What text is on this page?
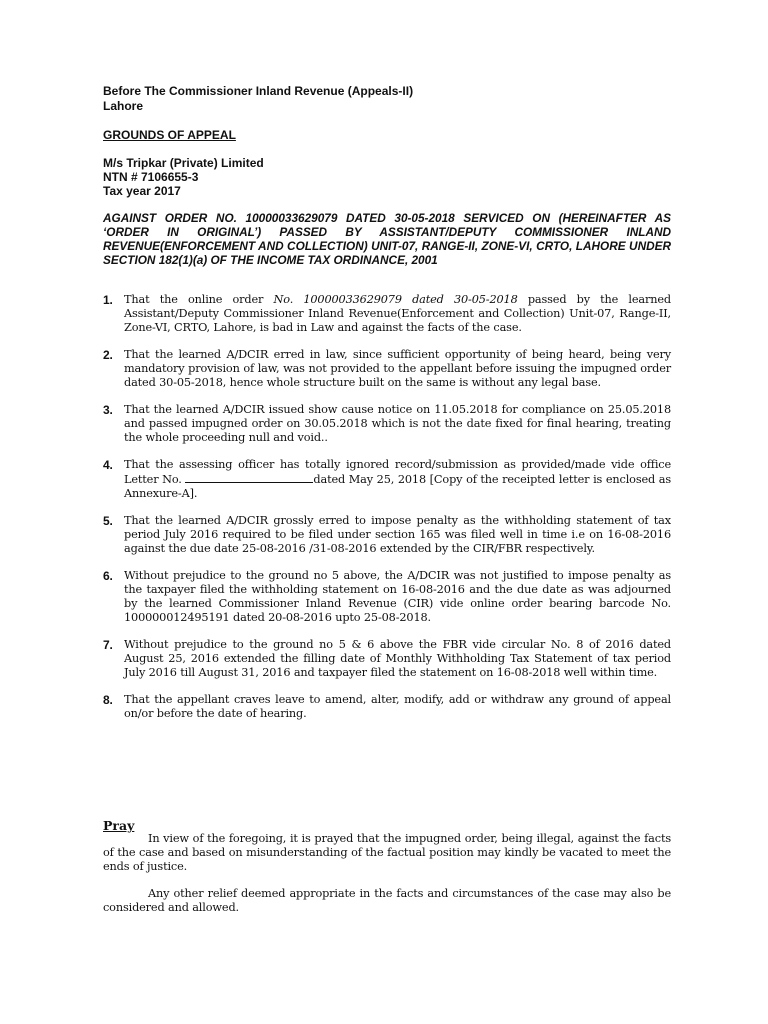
Before The Commissioner Inland Revenue (Appeals-II)
Lahore
GROUNDS OF APPEAL
M/s Tripkar (Private) Limited
NTN # 7106655-3
Tax year 2017
AGAINST ORDER NO. 10000033629079 DATED 30-05-2018 SERVICED ON (HEREINAFTER AS ‘ORDER IN ORIGINAL’) PASSED BY ASSISTANT/DEPUTY COMMISSIONER INLAND REVENUE(ENFORCEMENT AND COLLECTION) UNIT-07, RANGE-II, ZONE-VI, CRTO, LAHORE UNDER SECTION 182(1)(a) OF THE INCOME TAX ORDINANCE, 2001
1. That the online order No. 10000033629079 dated 30-05-2018 passed by the learned Assistant/Deputy Commissioner Inland Revenue(Enforcement and Collection) Unit-07, Range-II, Zone-VI, CRTO, Lahore, is bad in Law and against the facts of the case.
2. That the learned A/DCIR erred in law, since sufficient opportunity of being heard, being very mandatory provision of law, was not provided to the appellant before issuing the impugned order dated 30-05-2018, hence whole structure built on the same is without any legal base.
3. That the learned A/DCIR issued show cause notice on 11.05.2018 for compliance on 25.05.2018 and passed impugned order on 30.05.2018 which is not the date fixed for final hearing, treating the whole proceeding null and void..
4. That the assessing officer has totally ignored record/submission as provided/made vide office Letter No.	dated May 25, 2018 [Copy of the receipted letter is enclosed as Annexure-A].
5. That the learned A/DCIR grossly erred to impose penalty as the withholding statement of tax period July 2016 required to be filed under section 165 was filed well in time i.e on 16-08-2016 against the due date 25-08-2016 /31-08-2016 extended by the CIR/FBR respectively.
6. Without prejudice to the ground no 5 above, the A/DCIR was not justified to impose penalty as the taxpayer filed the withholding statement on 16-08-2016 and the due date as was adjourned by the learned Commissioner Inland Revenue (CIR) vide online order bearing barcode No. 100000012495191 dated 20-08-2016 upto 25-08-2018.
7. Without prejudice to the ground no 5 & 6 above the FBR vide circular No. 8 of 2016 dated August 25, 2016 extended the filling date of Monthly Withholding Tax Statement of tax period July 2016 till August 31, 2016 and taxpayer filed the statement on 16-08-2018 well within time.
8. That the appellant craves leave to amend, alter, modify, add or withdraw any ground of appeal on/or before the date of hearing.
Pray

In view of the foregoing, it is prayed that the impugned order, being illegal, against the facts of the case and based on misunderstanding of the factual position may kindly be vacated to meet the ends of justice.

Any other relief deemed appropriate in the facts and circumstances of the case may also be considered and allowed.
